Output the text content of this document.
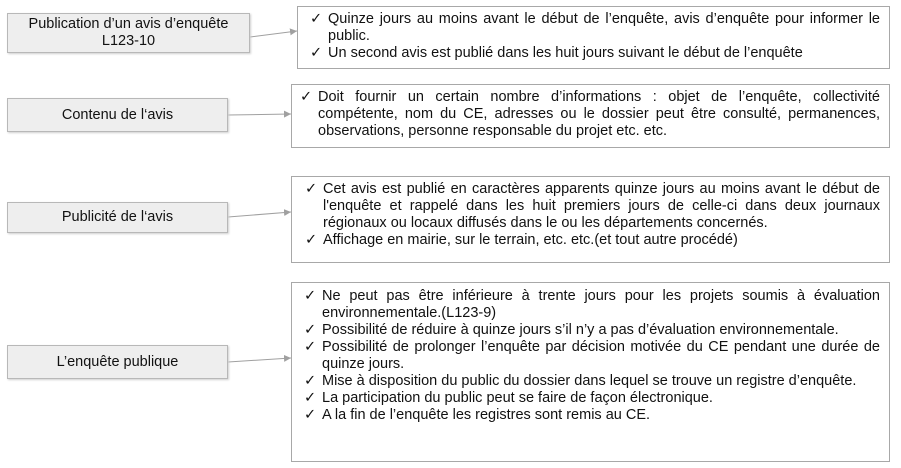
Publication d’un avis d’enquête L123-10
✓ Quinze jours au moins avant le début de l’enquête, avis d’enquête pour informer le public.
✓ Un second avis est publié dans les huit jours suivant le début de l’enquête
Contenu de l‘avis
✓ Doit fournir un certain nombre d’informations : objet de l’enquête, collectivité compétente, nom du CE, adresses ou le dossier peut être consulté, permanences, observations, personne responsable du projet etc. etc.
Publicité de l‘avis
✓ Cet avis est publié en caractères apparents quinze jours au moins avant le début de l'enquête et rappelé dans les huit premiers jours de celle-ci dans deux journaux régionaux ou locaux diffusés dans le ou les départements concernés.
✓ Affichage en mairie, sur le terrain, etc. etc.(et tout autre procédé)
L’enquête publique
✓ Ne peut pas être inférieure à trente jours pour les projets soumis à évaluation environnementale.(L123-9)
✓ Possibilité de réduire à quinze jours s’il n’y a pas d’évaluation environnementale.
✓ Possibilité de prolonger l’enquête par décision motivée du CE pendant une durée de quinze jours.
✓ Mise à disposition du public du dossier dans lequel se trouve un registre d’enquête.
✓ La participation du public peut se faire de façon électronique.
✓ A la fin de l’enquête les registres sont remis au CE.
